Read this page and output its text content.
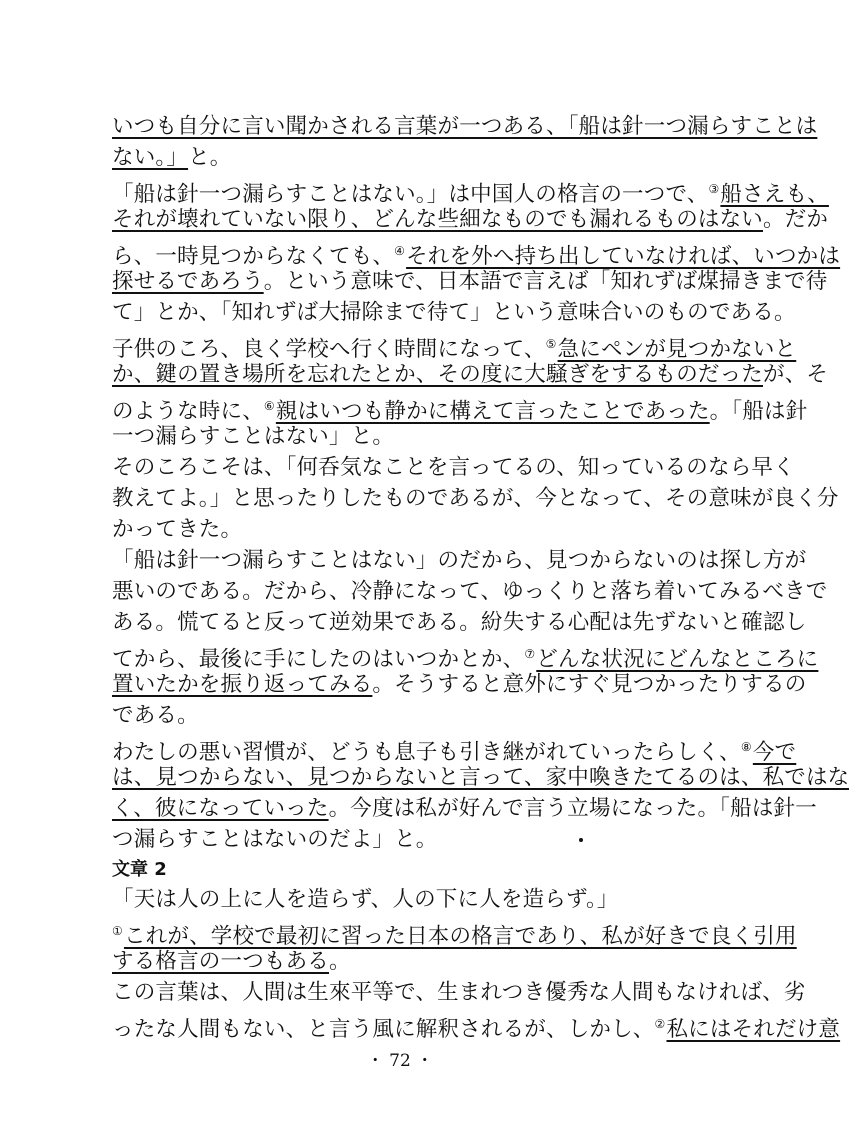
いつも自分に言い聞かされる言葉が一つある、「船は針一つ漏らすことは
ない。」と。
「船は針一つ漏らすことはない。」は中国人の格言の一つで、③船さえも、
それが壊れていない限り、どんな些細なものでも漏れるものはない。だか
ら、一時見つからなくても、④それを外へ持ち出していなければ、いつかは
探せるであろう。という意味で、日本語で言えば「知れずば煤掃きまで待
て」とか、「知れずば大掃除まで待て」という意味合いのものである。
子供のころ、良く学校へ行く時間になって、⑤急にペンが見つかないと
か、鍵の置き場所を忘れたとか、その度に大騒ぎをするものだったが、そ
のような時に、⑥親はいつも静かに構えて言ったことであった。「船は針
一つ漏らすことはない」と。
そのころこそは、「何呑気なことを言ってるの、知っているのなら早く
教えてよ。」と思ったりしたものであるが、今となって、その意味が良く分
かってきた。
「船は針一つ漏らすことはない」のだから、見つからないのは探し方が
悪いのである。だから、冷静になって、ゆっくりと落ち着いてみるべきで
ある。慌てると反って逆効果である。紛失する心配は先ずないと確認し
てから、最後に手にしたのはいつかとか、⑦どんな状況にどんなところに
置いたかを振り返ってみる。そうすると意外にすぐ見つかったりするの
である。
わたしの悪い習慣が、どうも息子も引き継がれていったらしく、⑧今で
は、見つからない、見つからないと言って、家中喚きたてるのは、私ではな
く、彼になっていった。今度は私が好んで言う立場になった。「船は針一
つ漏らすことはないのだよ」と。
文章 2
「天は人の上に人を造らず、人の下に人を造らず。」
①これが、学校で最初に習った日本の格言であり、私が好きで良く引用
する格言の一つもある。
この言葉は、人間は生來平等で、生まれつき優秀な人間もなければ、劣
ったな人間もない、と言う風に解釈されるが、しかし、②私にはそれだけ意
・ 72 ・
